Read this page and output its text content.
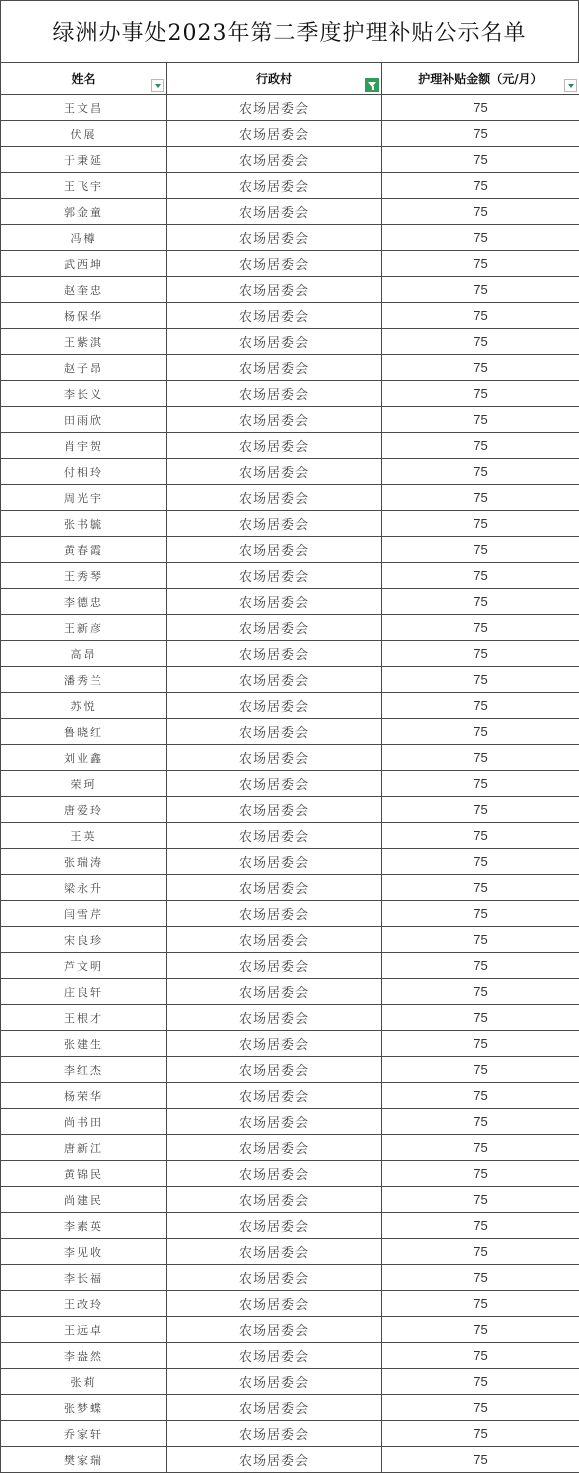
绿洲办事处2023年第二季度护理补贴公示名单
姓名	行政村	护理补贴金额（元/月）

王文昌	农场居委会	75
伏展	农场居委会	75
于秉延	农场居委会	75
王飞宇	农场居委会	75
郭金童	农场居委会	75
冯樽	农场居委会	75
武西坤	农场居委会	75
赵奎忠	农场居委会	75
杨保华	农场居委会	75
王紫淇	农场居委会	75
赵子昂	农场居委会	75
李长义	农场居委会	75
田雨欣	农场居委会	75
肖宇贺	农场居委会	75
付相玲	农场居委会	75
周光宇	农场居委会	75
张书毓	农场居委会	75
黄春霞	农场居委会	75
王秀琴	农场居委会	75
李德忠	农场居委会	75
王新彦	农场居委会	75
高昂	农场居委会	75
潘秀兰	农场居委会	75
苏悦	农场居委会	75
鲁晓红	农场居委会	75
刘业鑫	农场居委会	75
荣珂	农场居委会	75
唐爱玲	农场居委会	75
王英	农场居委会	75
张瑞涛	农场居委会	75
梁永升	农场居委会	75
闫雪芹	农场居委会	75
宋良珍	农场居委会	75
芦文明	农场居委会	75
庄良轩	农场居委会	75
王根才	农场居委会	75
张建生	农场居委会	75
李红杰	农场居委会	75
杨荣华	农场居委会	75
尚书田	农场居委会	75
唐新江	农场居委会	75
黄锦民	农场居委会	75
尚建民	农场居委会	75
李素英	农场居委会	75
李见收	农场居委会	75
李长福	农场居委会	75
王改玲	农场居委会	75
王远卓	农场居委会	75
李盎然	农场居委会	75
张莉	农场居委会	75
张梦蝶	农场居委会	75
乔家轩	农场居委会	75
樊家瑞	农场居委会	75
